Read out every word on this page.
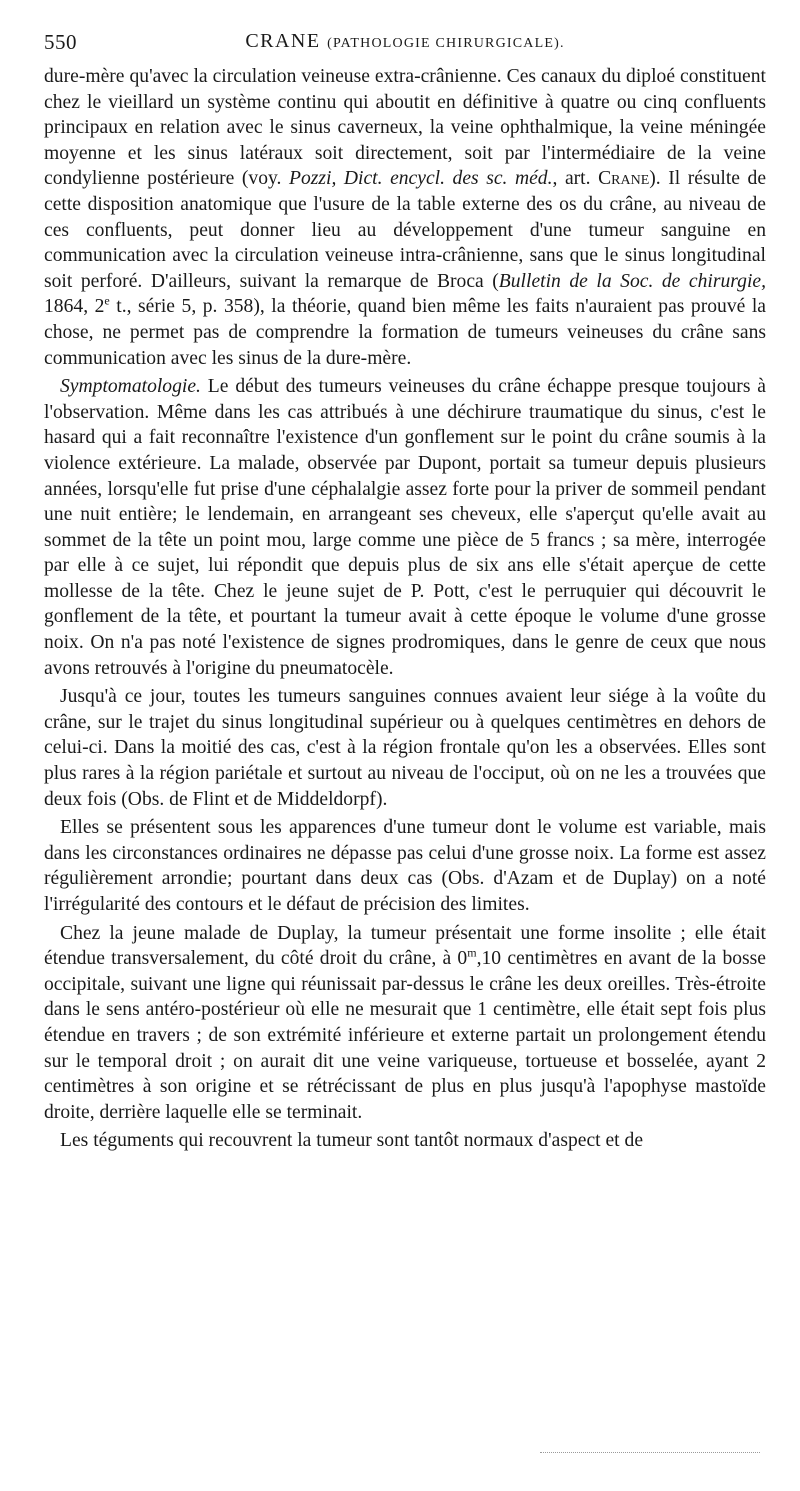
550	CRANE (PATHOLOGIE CHIRURGICALE).

dure-mère qu'avec la circulation veineuse extra-crânienne. Ces canaux du diploé constituent chez le vieillard un système continu qui aboutit en définitive à quatre ou cinq confluents principaux en relation avec le sinus caverneux, la veine ophthalmique, la veine méningée moyenne et les sinus latéraux soit directement, soit par l'intermédiaire de la veine condylienne postérieure (voy. Pozzi, Dict. encycl. des sc. méd., art. Crane). Il résulte de cette disposition anatomique que l'usure de la table externe des os du crâne, au niveau de ces confluents, peut donner lieu au développement d'une tumeur sanguine en communication avec la circulation veineuse intra-crânienne, sans que le sinus longitudinal soit perforé. D'ailleurs, suivant la remarque de Broca (Bulletin de la Soc. de chirurgie, 1864, 2e t., série 5, p. 358), la théorie, quand bien même les faits n'auraient pas prouvé la chose, ne permet pas de comprendre la formation de tumeurs veineuses du crâne sans communication avec les sinus de la dure-mère.

Symptomatologie. Le début des tumeurs veineuses du crâne échappe presque toujours à l'observation. Même dans les cas attribués à une déchirure traumatique du sinus, c'est le hasard qui a fait reconnaître l'existence d'un gonflement sur le point du crâne soumis à la violence extérieure. La malade, observée par Dupont, portait sa tumeur depuis plusieurs années, lorsqu'elle fut prise d'une céphalalgie assez forte pour la priver de sommeil pendant une nuit entière; le lendemain, en arrangeant ses cheveux, elle s'aperçut qu'elle avait au sommet de la tête un point mou, large comme une pièce de 5 francs ; sa mère, interrogée par elle à ce sujet, lui répondit que depuis plus de six ans elle s'était aperçue de cette mollesse de la tête. Chez le jeune sujet de P. Pott, c'est le perruquier qui découvrit le gonflement de la tête, et pourtant la tumeur avait à cette époque le volume d'une grosse noix. On n'a pas noté l'existence de signes prodromiques, dans le genre de ceux que nous avons retrouvés à l'origine du pneumatocèle.

Jusqu'à ce jour, toutes les tumeurs sanguines connues avaient leur siége à la voûte du crâne, sur le trajet du sinus longitudinal supérieur ou à quelques centimètres en dehors de celui-ci. Dans la moitié des cas, c'est à la région frontale qu'on les a observées. Elles sont plus rares à la région pariétale et surtout au niveau de l'occiput, où on ne les a trouvées que deux fois (Obs. de Flint et de Middeldorpf).

Elles se présentent sous les apparences d'une tumeur dont le volume est variable, mais dans les circonstances ordinaires ne dépasse pas celui d'une grosse noix. La forme est assez régulièrement arrondie; pourtant dans deux cas (Obs. d'Azam et de Duplay) on a noté l'irrégularité des contours et le défaut de précision des limites.

Chez la jeune malade de Duplay, la tumeur présentait une forme insolite ; elle était étendue transversalement, du côté droit du crâne, à 0$^m$,10 centimètres en avant de la bosse occipitale, suivant une ligne qui réunissait par-dessus le crâne les deux oreilles. Très-étroite dans le sens antéro-postérieur où elle ne mesurait que 1 centimètre, elle était sept fois plus étendue en travers ; de son extrémité inférieure et externe partait un prolongement étendu sur le temporal droit ; on aurait dit une veine variqueuse, tortueuse et bosselée, ayant 2 centimètres à son origine et se rétrécissant de plus en plus jusqu'à l'apophyse mastoïde droite, derrière laquelle elle se terminait.

Les téguments qui recouvrent la tumeur sont tantôt normaux d'aspect et de
